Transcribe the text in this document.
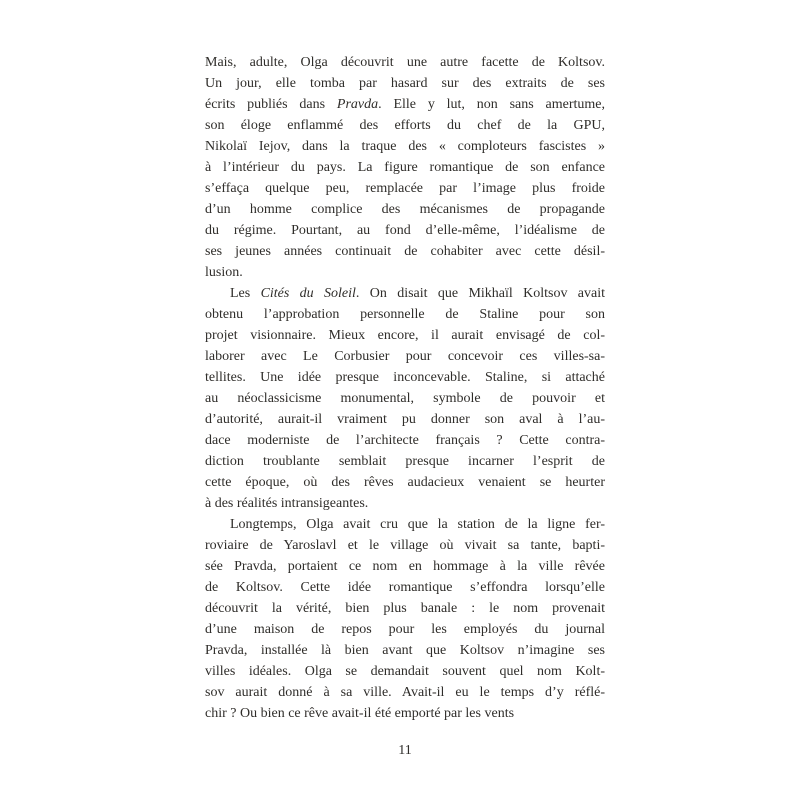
Mais, adulte, Olga découvrit une autre facette de Koltsov.
Un jour, elle tomba par hasard sur des extraits de ses
écrits publiés dans Pravda. Elle y lut, non sans amertume,
son éloge enflammé des efforts du chef de la GPU,
Nikolaï Iejov, dans la traque des « comploteurs fascistes »
à l’intérieur du pays. La figure romantique de son enfance
s’effaça quelque peu, remplacée par l’image plus froide
d’un homme complice des mécanismes de propagande
du régime. Pourtant, au fond d’elle-même, l’idéalisme de
ses jeunes années continuait de cohabiter avec cette désil-
lusion.
Les Cités du Soleil. On disait que Mikhaïl Koltsov avait
obtenu l’approbation personnelle de Staline pour son
projet visionnaire. Mieux encore, il aurait envisagé de col-
laborer avec Le Corbusier pour concevoir ces villes-sa-
tellites. Une idée presque inconcevable. Staline, si attaché
au néoclassicisme monumental, symbole de pouvoir et
d’autorité, aurait-il vraiment pu donner son aval à l’au-
dace moderniste de l’architecte français ? Cette contra-
diction troublante semblait presque incarner l’esprit de
cette époque, où des rêves audacieux venaient se heurter
à des réalités intransigeantes.
Longtemps, Olga avait cru que la station de la ligne fer-
roviaire de Yaroslavl et le village où vivait sa tante, bapti-
sée Pravda, portaient ce nom en hommage à la ville rêvée
de Koltsov. Cette idée romantique s’effondra lorsqu’elle
découvrit la vérité, bien plus banale : le nom provenait
d’une maison de repos pour les employés du journal
Pravda, installée là bien avant que Koltsov n’imagine ses
villes idéales. Olga se demandait souvent quel nom Kolt-
sov aurait donné à sa ville. Avait-il eu le temps d’y réflé-
chir ? Ou bien ce rêve avait-il été emporté par les vents
11
